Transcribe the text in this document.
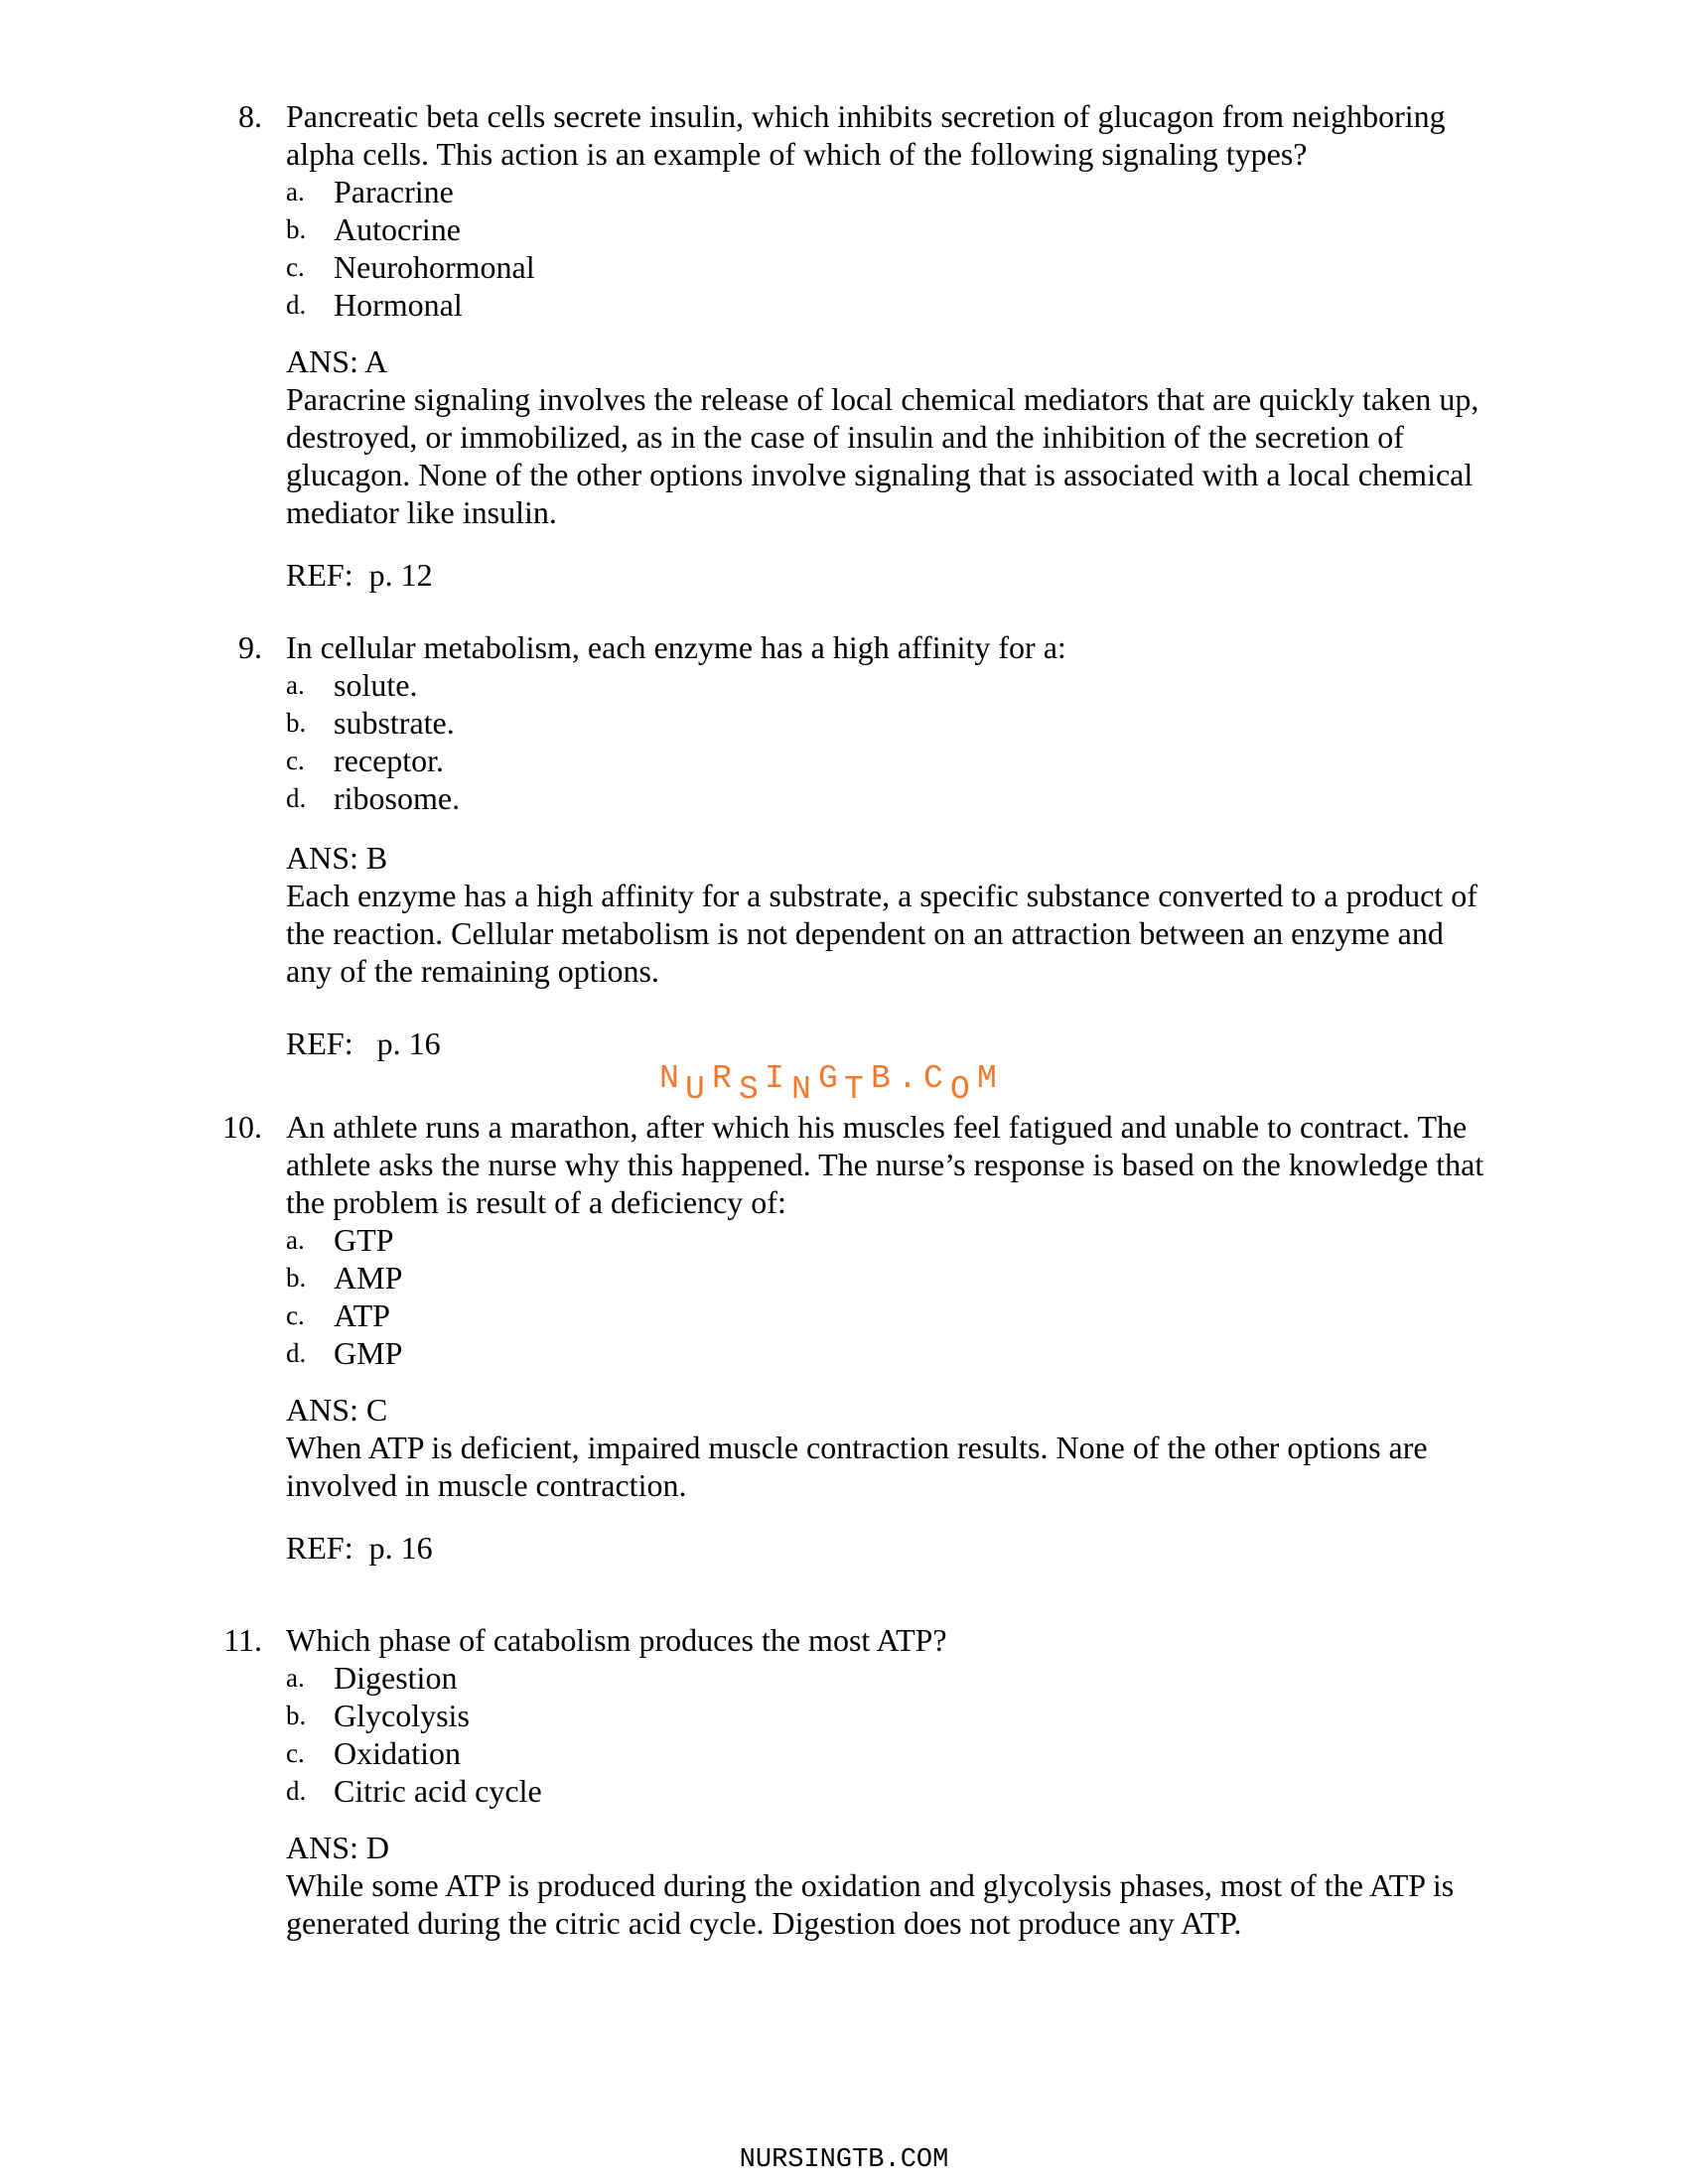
8. Pancreatic beta cells secrete insulin, which inhibits secretion of glucagon from neighboring
alpha cells. This action is an example of which of the following signaling types?
a. Paracrine
b. Autocrine
c. Neurohormonal
d. Hormonal
ANS: A
Paracrine signaling involves the release of local chemical mediators that are quickly taken up,
destroyed, or immobilized, as in the case of insulin and the inhibition of the secretion of
glucagon. None of the other options involve signaling that is associated with a local chemical
mediator like insulin.
REF:  p. 12
9. In cellular metabolism, each enzyme has a high affinity for a:
a. solute.
b. substrate.
c. receptor.
d. ribosome.
ANS: B
Each enzyme has a high affinity for a substrate, a specific substance converted to a product of
the reaction. Cellular metabolism is not dependent on an attraction between an enzyme and
any of the remaining options.
REF:   p. 16
N U R S I N G T B . C O M
10. An athlete runs a marathon, after which his muscles feel fatigued and unable to contract. The
athlete asks the nurse why this happened. The nurse’s response is based on the knowledge that
the problem is result of a deficiency of:
a. GTP
b. AMP
c. ATP
d. GMP
ANS: C
When ATP is deficient, impaired muscle contraction results. None of the other options are
involved in muscle contraction.
REF:  p. 16
11. Which phase of catabolism produces the most ATP?
a. Digestion
b. Glycolysis
c. Oxidation
d. Citric acid cycle
ANS: D
While some ATP is produced during the oxidation and glycolysis phases, most of the ATP is
generated during the citric acid cycle. Digestion does not produce any ATP.
NURSINGTB.COM
